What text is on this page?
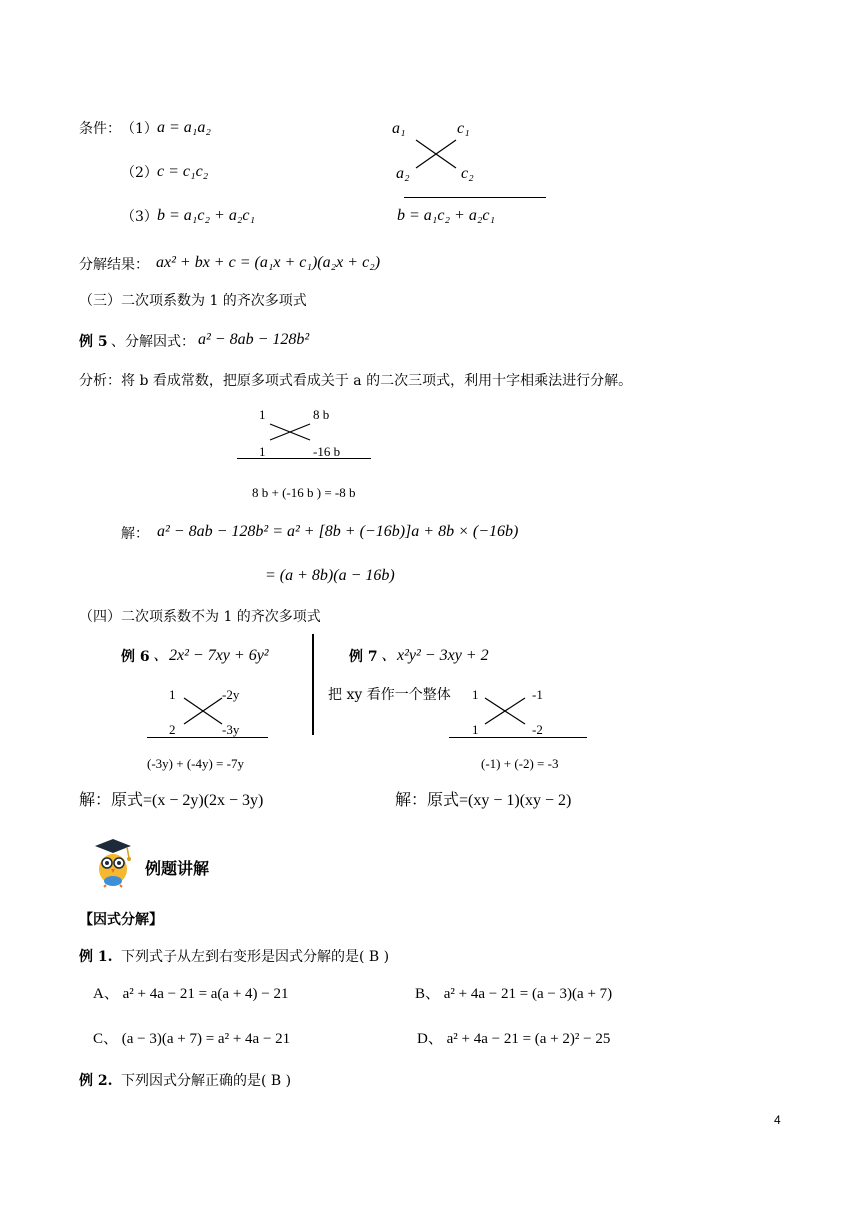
条件： （1） a = a₁a₂
（2） c = c₁c₂
（3） b = a₁c₂ + a₂c₁
a₁	c₁
a₂	c₂
b = a₁c₂ + a₂c₁
分解结果： ax² + bx + c = (a₁x + c₁)(a₂x + c₂)
（三）二次项系数为 1 的齐次多项式
例 5 、分解因式： a² − 8ab − 128b²
分析：将 b 看成常数，把原多项式看成关于 a 的二次三项式，利用十字相乘法进行分解。
1	8 b
1	-16 b
8 b + (-16 b ) = -8 b
解： a² − 8ab − 128b² = a² + [8b + (−16b)]a + 8b × (−16b)
= (a + 8b)(a − 16b)
（四）二次项系数不为 1 的齐次多项式
例 6 、2x² − 7xy + 6y²
1	-2y
2	-3y
(-3y) + (-4y) = -7y
解：原式=(x − 2y)(2x − 3y)
例 7 、x²y² − 3xy + 2
把 xy 看作一个整体 1	-1
1	-2
(-1) + (-2) = -3
解：原式=(xy − 1)(xy − 2)
例题讲解
【因式分解】
例 1. 下列式子从左到右变形是因式分解的是( B )
A、 a² + 4a − 21 = a(a + 4) − 21	B、 a² + 4a − 21 = (a − 3)(a + 7)
C、 (a − 3)(a + 7) = a² + 4a − 21	D、 a² + 4a − 21 = (a + 2)² − 25
例 2. 下列因式分解正确的是( B )
4
